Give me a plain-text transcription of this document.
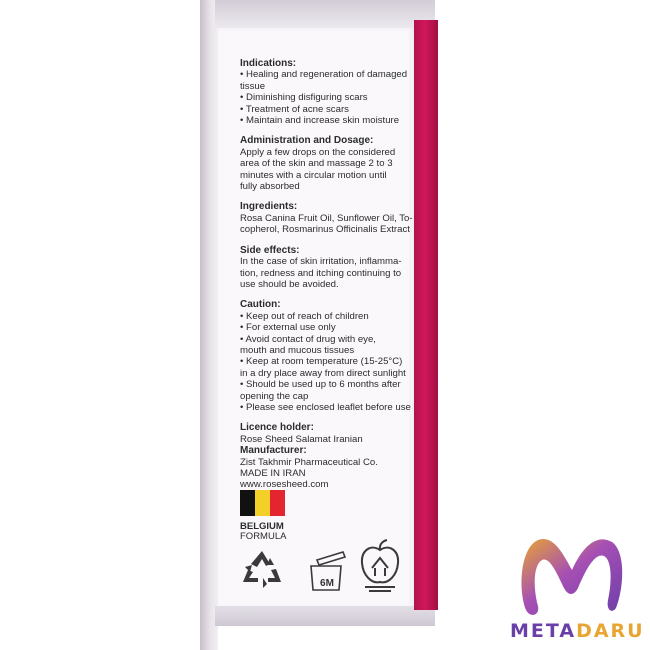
Indications:
• Healing and regeneration of damaged
tissue
• Diminishing disfiguring scars
• Treatment of acne scars
• Maintain and increase skin moisture
Administration and Dosage:
Apply a few drops on the considered
area of the skin and massage 2 to 3
minutes with a circular motion until
fully absorbed
Ingredients:
Rosa Canina Fruit Oil, Sunflower Oil, To-
copherol, Rosmarinus Officinalis Extract
Side effects:
In the case of skin irritation, inflamma-
tion, redness and itching continuing to
use should be avoided.
Caution:
• Keep out of reach of children
• For external use only
• Avoid contact of drug with eye,
mouth and mucous tissues
• Keep at room temperature (15-25°C)
in a dry place away from direct sunlight
• Should be used up to 6 months after
opening the cap
• Please see enclosed leaflet before use
Licence holder:
Rose Sheed Salamat Iranian
Manufacturer:
Zist Takhmir Pharmaceutical Co.
MADE IN IRAN
www.rosesheed.com
BELGIUM
FORMULA
6M
METADARU
